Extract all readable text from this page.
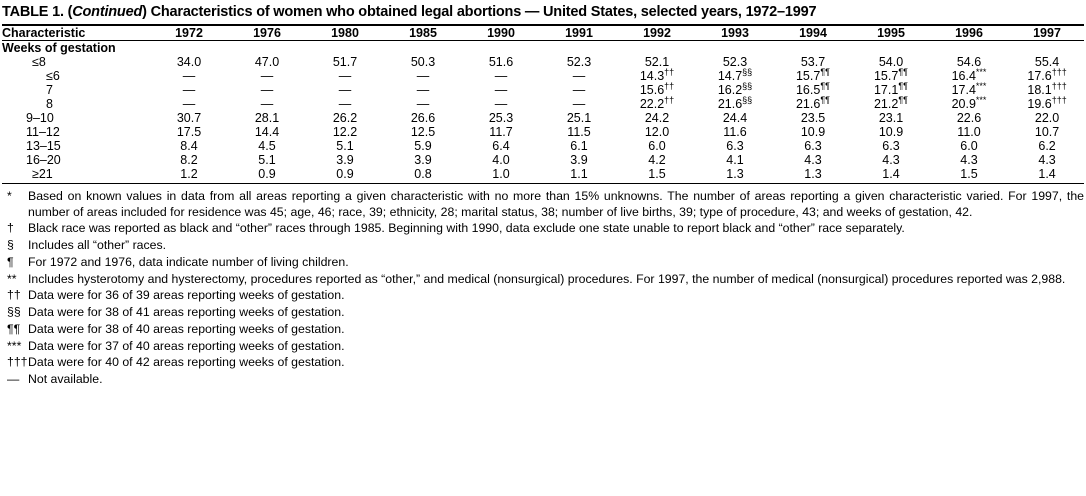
TABLE 1. (Continued) Characteristics of women who obtained legal abortions — United States, selected years, 1972–1997
Characteristic	1972	1976	1980	1985	1990	1991	1992	1993	1994	1995	1996	1997
Weeks of gestation												
≤8	34.0	47.0	51.7	50.3	51.6	52.3	52.1	52.3	53.7	54.0	54.6	55.4
≤6	—	—	—	—	—	—	14.3††	14.7§§	15.7¶¶	15.7¶¶	16.4***	17.6†††
7	—	—	—	—	—	—	15.6††	16.2§§	16.5¶¶	17.1¶¶	17.4***	18.1†††
8	—	—	—	—	—	—	22.2††	21.6§§	21.6¶¶	21.2¶¶	20.9***	19.6†††
9–10	30.7	28.1	26.2	26.6	25.3	25.1	24.2	24.4	23.5	23.1	22.6	22.0
11–12	17.5	14.4	12.2	12.5	11.7	11.5	12.0	11.6	10.9	10.9	11.0	10.7
13–15	8.4	4.5	5.1	5.9	6.4	6.1	6.0	6.3	6.3	6.3	6.0	6.2
16–20	8.2	5.1	3.9	3.9	4.0	3.9	4.2	4.1	4.3	4.3	4.3	4.3
≥21	1.2	0.9	0.9	0.8	1.0	1.1	1.5	1.3	1.3	1.4	1.5	1.4
*	Based on known values in data from all areas reporting a given characteristic with no more than 15% unknowns. The number of areas reporting a given characteristic varied. For 1997, the number of areas included for residence was 45; age, 46; race, 39; ethnicity, 28; marital status, 38; number of live births, 39; type of procedure, 43; and weeks of gestation, 42.
†	Black race was reported as black and “other” races through 1985. Beginning with 1990, data exclude one state unable to report black and “other” race separately.
§	Includes all “other” races.
¶	For 1972 and 1976, data indicate number of living children.
** Includes hysterotomy and hysterectomy, procedures reported as “other,” and medical (nonsurgical) procedures. For 1997, the number of medical (nonsurgical) procedures reported was 2,988.
†† Data were for 36 of 39 areas reporting weeks of gestation.
§§ Data were for 38 of 41 areas reporting weeks of gestation.
¶¶ Data were for 38 of 40 areas reporting weeks of gestation.
*** Data were for 37 of 40 areas reporting weeks of gestation.
††† Data were for 40 of 42 areas reporting weeks of gestation.
— Not available.
